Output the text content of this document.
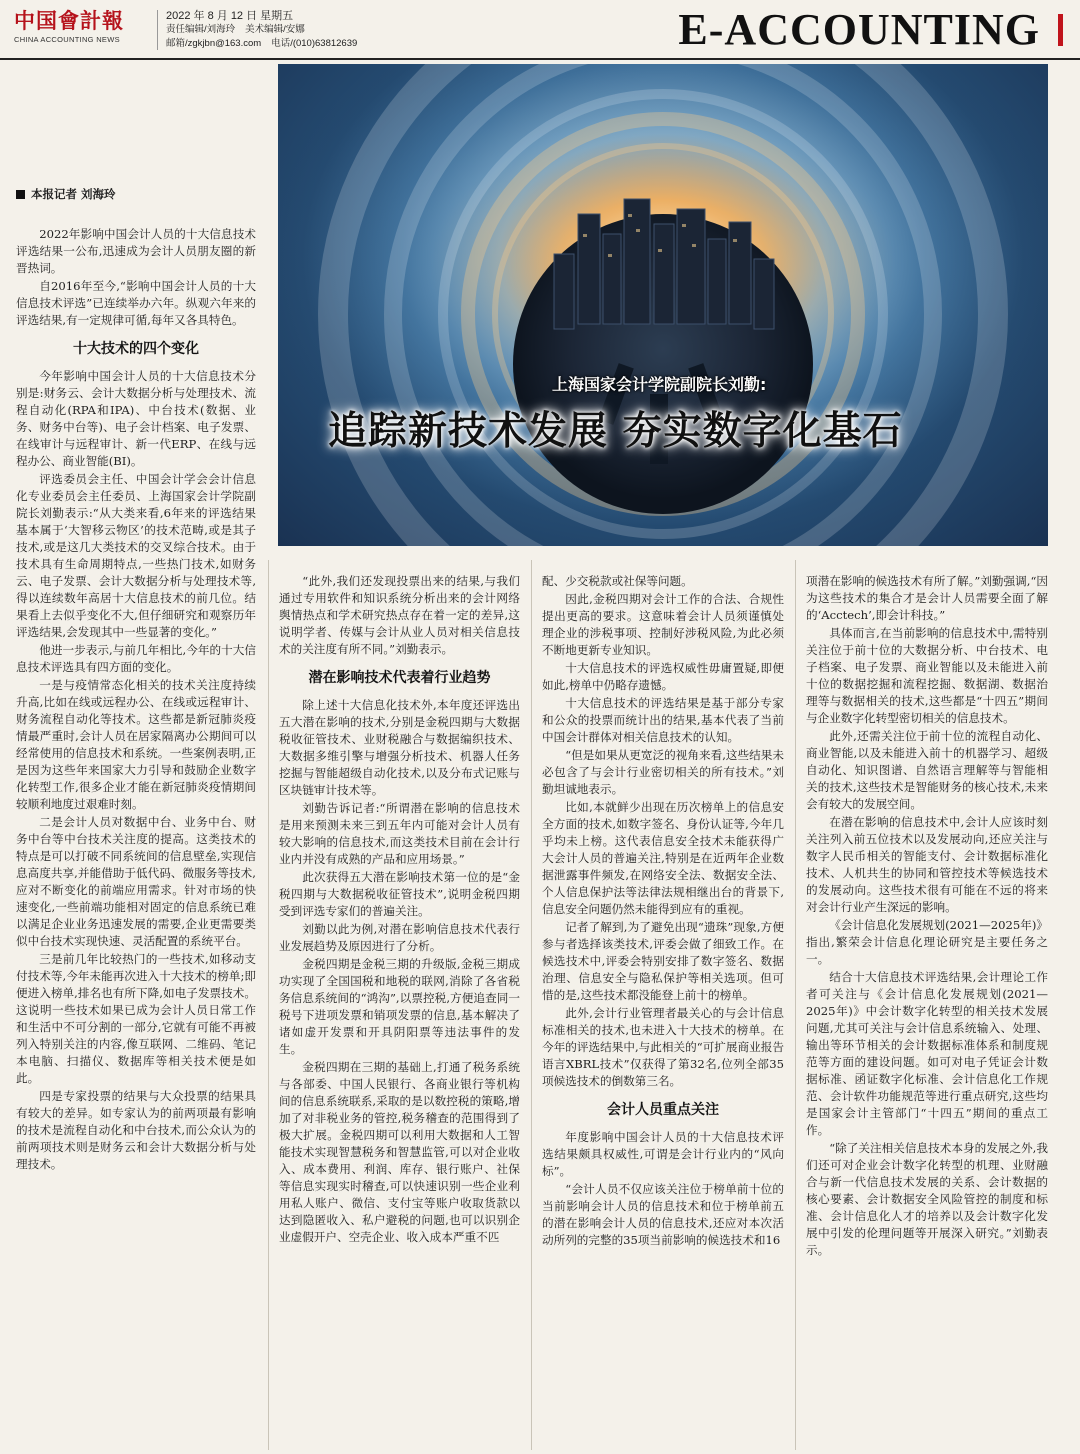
中国會計報
CHINA ACCOUNTING NEWS
2022 年 8 月 12 日 星期五
责任编辑/刘海玲 美术编辑/安娜
邮箱/zgkjbn@163.com 电话/(010)63812639	E-ACCOUNTING
上海国家会计学院副院长刘勤:
追踪新技术发展 夯实数字化基石
本报记者 刘海玲

2022年影响中国会计人员的十大信息技术评选结果一公布,迅速成为会计人员朋友圈的新晋热词。

自2016年至今,“影响中国会计人员的十大信息技术评选”已连续举办六年。纵观六年来的评选结果,有一定规律可循,每年又各具特色。

十大技术的四个变化

今年影响中国会计人员的十大信息技术分别是:财务云、会计大数据分析与处理技术、流程自动化(RPA和IPA)、中台技术(数据、业务、财务中台等)、电子会计档案、电子发票、在线审计与远程审计、新一代ERP、在线与远程办公、商业智能(BI)。

评选委员会主任、中国会计学会会计信息化专业委员会主任委员、上海国家会计学院副院长刘勤表示:“从大类来看,6年来的评选结果基本属于‘大智移云物区’的技术范畴,或是其子技术,或是这几大类技术的交叉综合技术。由于技术具有生命周期特点,一些热门技术,如财务云、电子发票、会计大数据分析与处理技术等,得以连续数年高居十大信息技术的前几位。结果看上去似乎变化不大,但仔细研究和观察历年评选结果,会发现其中一些显著的变化。”

他进一步表示,与前几年相比,今年的十大信息技术评选具有四方面的变化。

一是与疫情常态化相关的技术关注度持续升高,比如在线或远程办公、在线或远程审计、财务流程自动化等技术。这些都是新冠肺炎疫情最严重时,会计人员在居家隔离办公期间可以经常使用的信息技术和系统。一些案例表明,正是因为这些年来国家大力引导和鼓励企业数字化转型工作,很多企业才能在新冠肺炎疫情期间较顺利地度过艰难时刻。

二是会计人员对数据中台、业务中台、财务中台等中台技术关注度的提高。这类技术的特点是可以打破不同系统间的信息壁垒,实现信息高度共享,并能借助于低代码、微服务等技术,应对不断变化的前端应用需求。针对市场的快速变化,一些前端功能相对固定的信息系统已难以满足企业业务迅速发展的需要,企业更需要类似中台技术实现快速、灵活配置的系统平台。

三是前几年比较热门的一些技术,如移动支付技术等,今年未能再次进入十大技术的榜单;即便进入榜单,排名也有所下降,如电子发票技术。这说明一些技术如果已成为会计人员日常工作和生活中不可分割的一部分,它就有可能不再被列入特别关注的内容,像互联网、二维码、笔记本电脑、扫描仪、数据库等相关技术便是如此。

四是专家投票的结果与大众投票的结果具有较大的差异。如专家认为的前两项最有影响的技术是流程自动化和中台技术,而公众认为的前两项技术则是财务云和会计大数据分析与处理技术。

“此外,我们还发现投票出来的结果,与我们通过专用软件和知识系统分析出来的会计网络舆情热点和学术研究热点存在着一定的差异,这说明学者、传媒与会计从业人员对相关信息技术的关注度有所不同。”刘勤表示。

潜在影响技术代表着行业趋势

除上述十大信息化技术外,本年度还评选出五大潜在影响的技术,分别是金税四期与大数据税收征管技术、业财税融合与数据编织技术、大数据多维引擎与增强分析技术、机器人任务挖掘与智能超级自动化技术,以及分布式记账与区块链审计技术等。

刘勤告诉记者:“所谓潜在影响的信息技术是用来预测未来三到五年内可能对会计人员有较大影响的信息技术,而这类技术目前在会计行业内并没有成熟的产品和应用场景。”

此次获得五大潜在影响技术第一位的是“金税四期与大数据税收征管技术”,说明金税四期受到评选专家们的普遍关注。

刘勤以此为例,对潜在影响信息技术代表行业发展趋势及原因进行了分析。

金税四期是金税三期的升级版,金税三期成功实现了全国国税和地税的联网,消除了各省税务信息系统间的“鸿沟”,以票控税,方便追查同一税号下进项发票和销项发票的信息,基本解决了诸如虚开发票和开具阴阳票等违法事件的发生。

金税四期在三期的基础上,打通了税务系统与各部委、中国人民银行、各商业银行等机构间的信息系统联系,采取的是以数控税的策略,增加了对非税业务的管控,税务稽查的范围得到了极大扩展。金税四期可以利用大数据和人工智能技术实现智慧税务和智慧监管,可以对企业收入、成本费用、利润、库存、银行账户、社保等信息实现实时稽查,可以快速识别一些企业利用私人账户、微信、支付宝等账户收取货款以达到隐匿收入、私户避税的问题,也可以识别企业虚假开户、空壳企业、收入成本严重不匹

配、少交税款或社保等问题。

因此,金税四期对会计工作的合法、合规性提出更高的要求。这意味着会计人员须谨慎处理企业的涉税事项、控制好涉税风险,为此必须不断地更新专业知识。

十大信息技术的评选权威性毋庸置疑,即便如此,榜单中仍略存遗憾。

十大信息技术的评选结果是基于部分专家和公众的投票而统计出的结果,基本代表了当前中国会计群体对相关信息技术的认知。

“但是如果从更宽泛的视角来看,这些结果未必包含了与会计行业密切相关的所有技术。”刘勤坦诚地表示。

比如,本就鲜少出现在历次榜单上的信息安全方面的技术,如数字签名、身份认证等,今年几乎均未上榜。这代表信息安全技术未能获得广大会计人员的普遍关注,特别是在近两年企业数据泄露事件频发,在网络安全法、数据安全法、个人信息保护法等法律法规相继出台的背景下,信息安全问题仍然未能得到应有的重视。

记者了解到,为了避免出现“遗珠”现象,方便参与者选择该类技术,评委会做了细致工作。在候选技术中,评委会特别安排了数字签名、数据治理、信息安全与隐私保护等相关选项。但可惜的是,这些技术都没能登上前十的榜单。

此外,会计行业管理者最关心的与会计信息标准相关的技术,也未进入十大技术的榜单。在今年的评选结果中,与此相关的“可扩展商业报告语言XBRL技术”仅获得了第32名,位列全部35项候选技术的倒数第三名。

会计人员重点关注

年度影响中国会计人员的十大信息技术评选结果颇具权威性,可谓是会计行业内的“风向标”。

“会计人员不仅应该关注位于榜单前十位的当前影响会计人员的信息技术和位于榜单前五的潜在影响会计人员的信息技术,还应对本次活动所列的完整的35项当前影响的候选技术和16

项潜在影响的候选技术有所了解。”刘勤强调,“因为这些技术的集合才是会计人员需要全面了解的‘Acctech’,即会计科技。”

具体而言,在当前影响的信息技术中,需特别关注位于前十位的大数据分析、中台技术、电子档案、电子发票、商业智能以及未能进入前十位的数据挖掘和流程挖掘、数据湖、数据治理等与数据相关的技术,这些都是“十四五”期间与企业数字化转型密切相关的信息技术。

此外,还需关注位于前十位的流程自动化、商业智能,以及未能进入前十的机器学习、超级自动化、知识图谱、自然语言理解等与智能相关的技术,这些技术是智能财务的核心技术,未来会有较大的发展空间。

在潜在影响的信息技术中,会计人应该时刻关注列入前五位技术以及发展动向,还应关注与数字人民币相关的智能支付、会计数据标准化技术、人机共生的协同和管控技术等候选技术的发展动向。这些技术很有可能在不远的将来对会计行业产生深远的影响。

《会计信息化发展规划(2021—2025年)》指出,繁荣会计信息化理论研究是主要任务之一。

结合十大信息技术评选结果,会计理论工作者可关注与《会计信息化发展规划(2021—2025年)》中会计数字化转型的相关技术发展问题,尤其可关注与会计信息系统输入、处理、输出等环节相关的会计数据标准体系和制度规范等方面的建设问题。如可对电子凭证会计数据标准、函证数字化标准、会计信息化工作规范、会计软件功能规范等进行重点研究,这些均是国家会计主管部门“十四五”期间的重点工作。

“除了关注相关信息技术本身的发展之外,我们还可对企业会计数字化转型的机理、业财融合与新一代信息技术发展的关系、会计数据的核心要素、会计数据安全风险管控的制度和标准、会计信息化人才的培养以及会计数字化发展中引发的伦理问题等开展深入研究。”刘勤表示。
